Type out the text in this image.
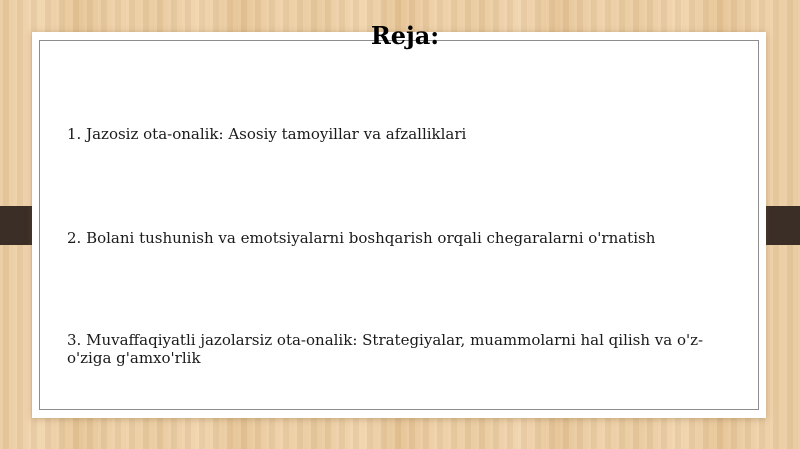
Reja:

1. Jazosiz ota-onalik: Asosiy tamoyillar va afzalliklari

2. Bolani tushunish va emotsiyalarni boshqarish orqali chegaralarni o'rnatish

3. Muvaffaqiyatli jazolarsiz ota-onalik: Strategiyalar, muammolarni hal qilish va o'z-o'ziga g'amxo'rlik
